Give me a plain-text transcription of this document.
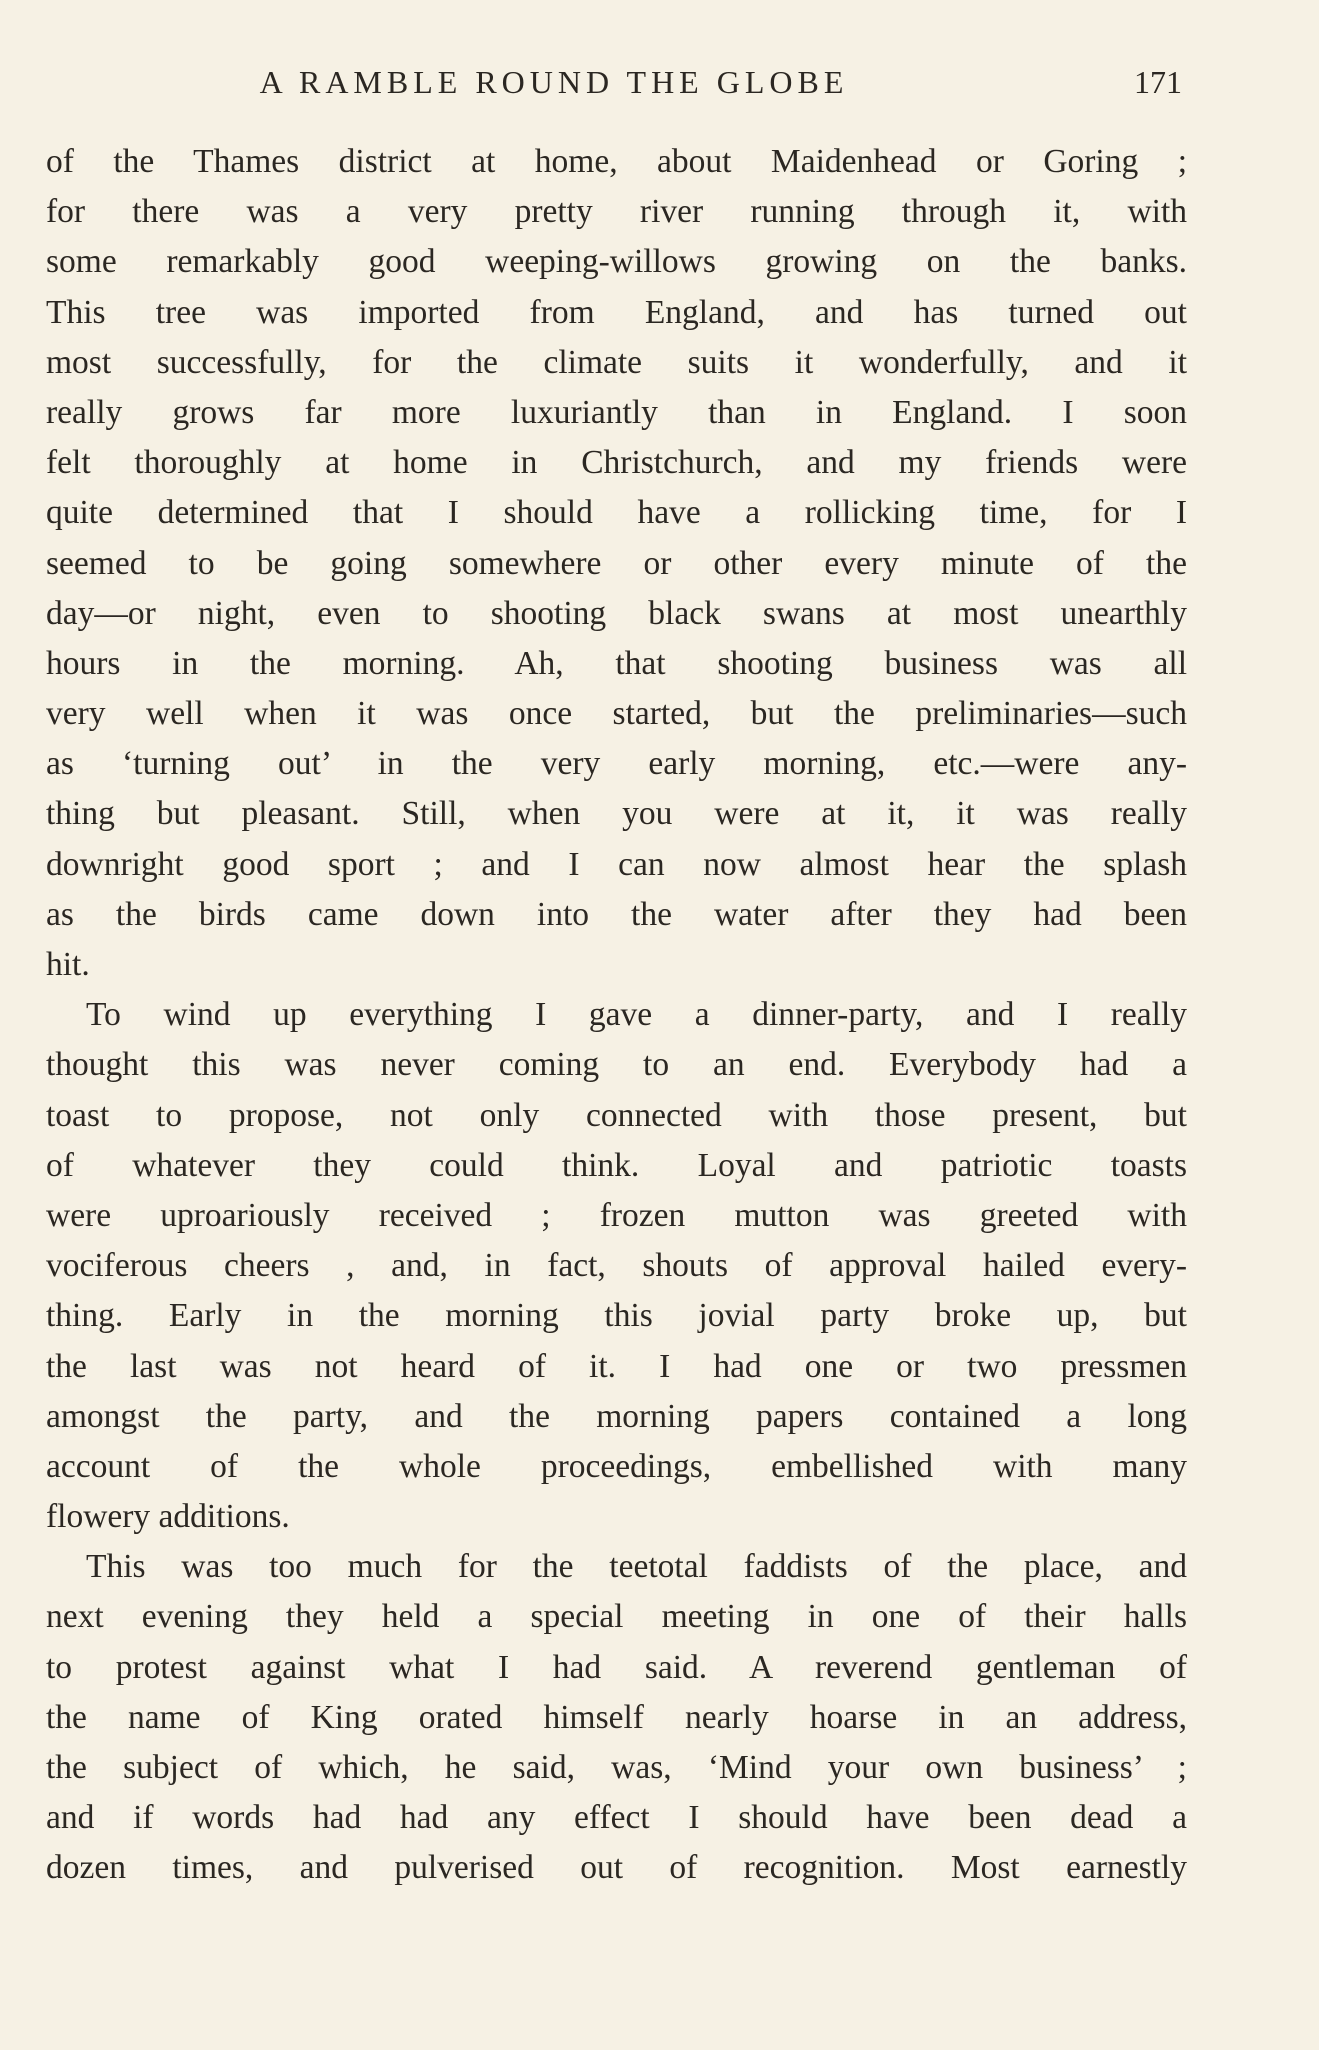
A RAMBLE ROUND THE GLOBE	171
of the Thames district at home, about Maidenhead or Goring ;
for there was a very pretty river running through it, with
some remarkably good weeping-willows growing on the banks.
This tree was imported from England, and has turned out
most successfully, for the climate suits it wonderfully, and it
really grows far more luxuriantly than in England. I soon
felt thoroughly at home in Christchurch, and my friends were
quite determined that I should have a rollicking time, for I
seemed to be going somewhere or other every minute of the
day—or night, even to shooting black swans at most unearthly
hours in the morning. Ah, that shooting business was all
very well when it was once started, but the preliminaries—such
as ‘turning out’ in the very early morning, etc.—were any-
thing but pleasant. Still, when you were at it, it was really
downright good sport ; and I can now almost hear the splash
as the birds came down into the water after they had been
hit.
To wind up everything I gave a dinner-party, and I really
thought this was never coming to an end. Everybody had a
toast to propose, not only connected with those present, but
of whatever they could think. Loyal and patriotic toasts
were uproariously received ; frozen mutton was greeted with
vociferous cheers , and, in fact, shouts of approval hailed every-
thing. Early in the morning this jovial party broke up, but
the last was not heard of it. I had one or two pressmen
amongst the party, and the morning papers contained a long
account of the whole proceedings, embellished with many
flowery additions.
This was too much for the teetotal faddists of the place, and
next evening they held a special meeting in one of their halls
to protest against what I had said. A reverend gentleman of
the name of King orated himself nearly hoarse in an address,
the subject of which, he said, was, ‘Mind your own business’ ;
and if words had had any effect I should have been dead a
dozen times, and pulverised out of recognition. Most earnestly
